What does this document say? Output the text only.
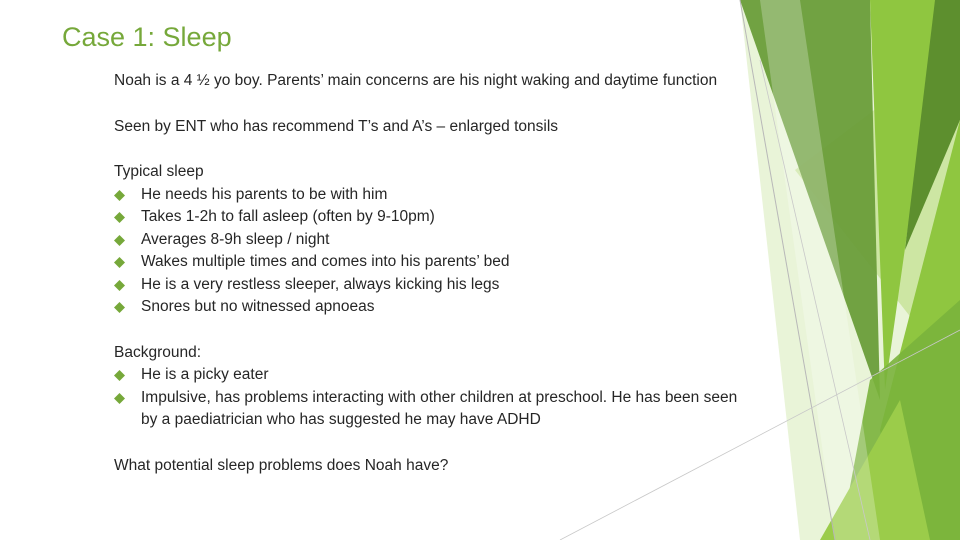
Case 1: Sleep

Noah is a 4 ½ yo boy. Parents’ main concerns are his night waking and daytime function

Seen by ENT who has recommend T’s and A’s – enlarged tonsils

Typical sleep

He needs his parents to be with him
Takes 1-2h to fall asleep (often by 9-10pm)
Averages 8-9h sleep / night
Wakes multiple times and comes into his parents’ bed
He is a very restless sleeper, always kicking his legs
Snores but no witnessed apnoeas

Background:

He is a picky eater
Impulsive, has problems interacting with other children at preschool. He has been seen by a paediatrician who has suggested he may have ADHD

What potential sleep problems does Noah have?
